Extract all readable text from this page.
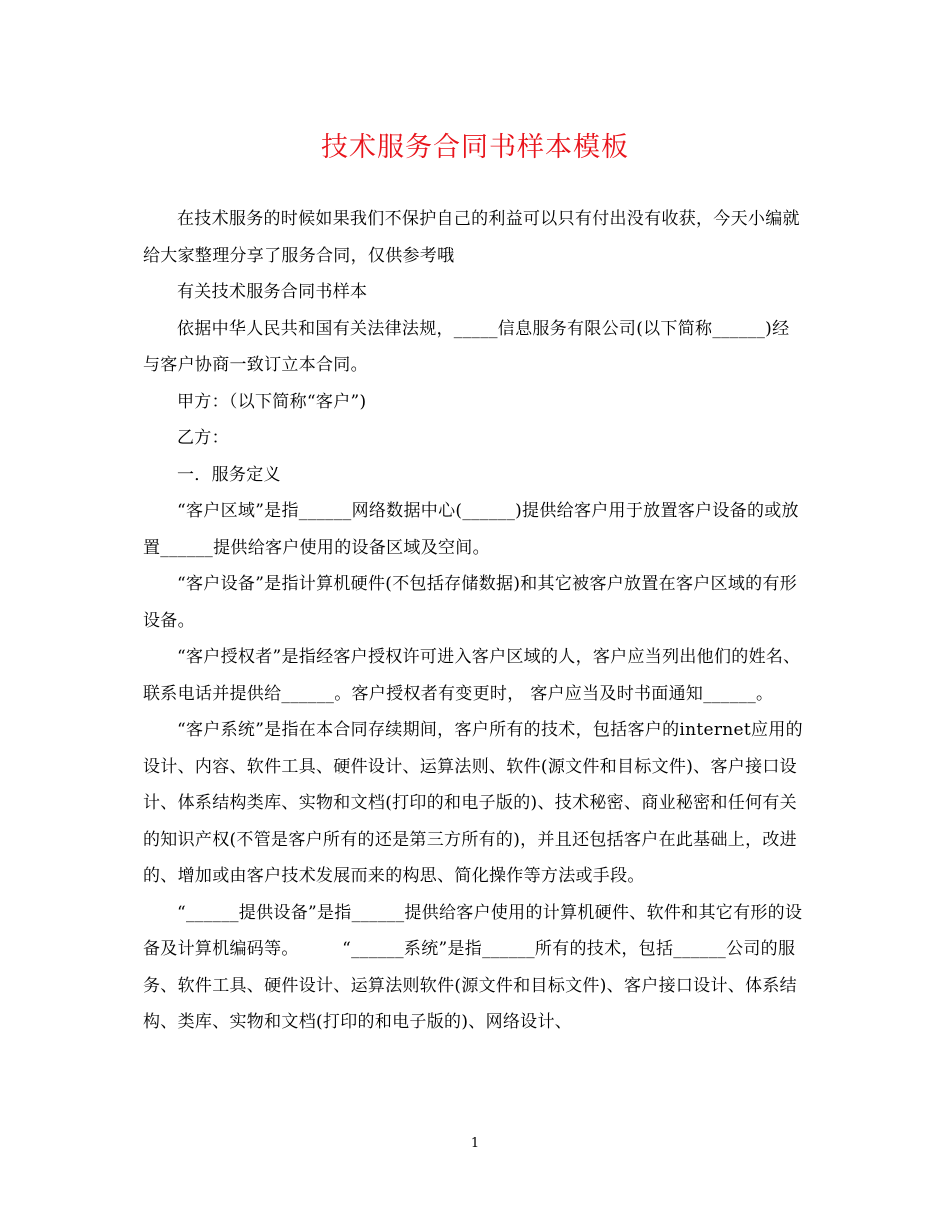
技术服务合同书样本模板

在技术服务的时候如果我们不保护自己的利益可以只有付出没有收获，今天小编就给大家整理分享了服务合同，仅供参考哦

有关技术服务合同书样本

依据中华人民共和国有关法律法规，_____信息服务有限公司(以下简称______)经与客户协商一致订立本合同。

甲方：（以下简称“客户”)

乙方：

一．服务定义

“客户区域”是指______网络数据中心(______)提供给客户用于放置客户设备的或放置______提供给客户使用的设备区域及空间。

“客户设备”是指计算机硬件(不包括存储数据)和其它被客户放置在客户区域的有形设备。

“客户授权者”是指经客户授权许可进入客户区域的人，客户应当列出他们的姓名、联系电话并提供给______。客户授权者有变更时， 客户应当及时书面通知______。

“客户系统”是指在本合同存续期间，客户所有的技术，包括客户的internet应用的设计、内容、软件工具、硬件设计、运算法则、软件(源文件和目标文件)、客户接口设计、体系结构类库、实物和文档(打印的和电子版的)、技术秘密、商业秘密和任何有关的知识产权(不管是客户所有的还是第三方所有的)，并且还包括客户在此基础上，改进的、增加或由客户技术发展而来的构思、简化操作等方法或手段。

“______提供设备”是指______提供给客户使用的计算机硬件、软件和其它有形的设备及计算机编码等。　　　“______系统”是指______所有的技术，包括______公司的服务、软件工具、硬件设计、运算法则软件(源文件和目标文件)、客户接口设计、体系结构、类库、实物和文档(打印的和电子版的)、网络设计、

1
